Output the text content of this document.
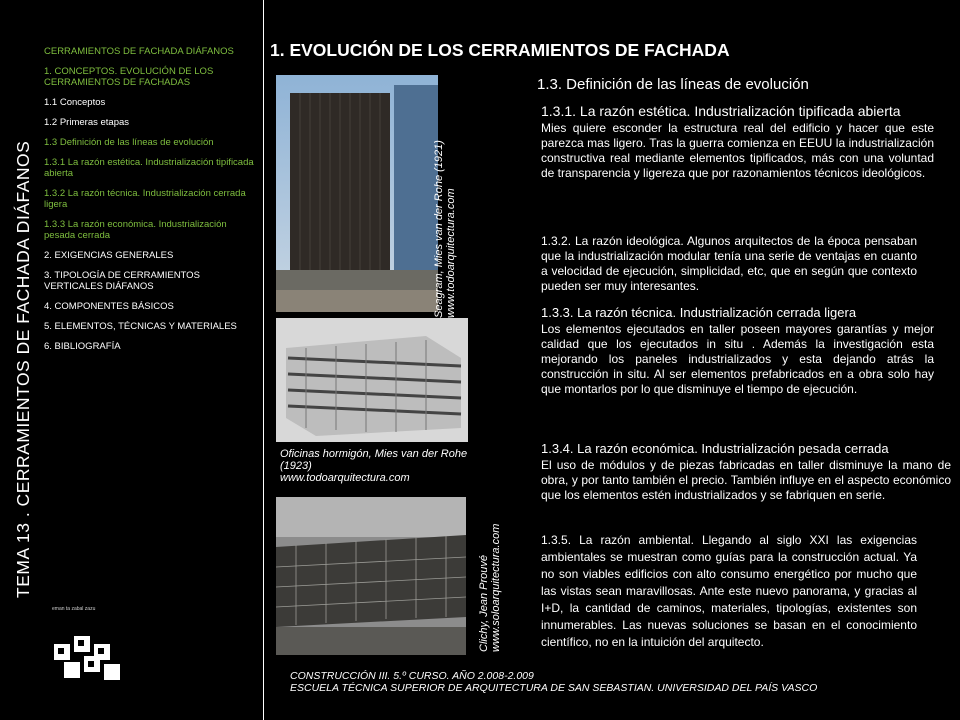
TEMA 13 . CERRAMIENTOS DE FACHADA DIÁFANOS
CERRAMIENTOS DE FACHADA DIÁFANOS
1. CONCEPTOS. EVOLUCIÓN DE LOS CERRAMIENTOS DE FACHADAS
1.1 Conceptos
1.2 Primeras etapas
1.3 Definición de las líneas de evolución
1.3.1 La razón estética. Industrialización tipificada abierta
1.3.2 La razón técnica. Industrialización cerrada ligera
1.3.3 La razón económica. Industrialización pesada cerrada
2. EXIGENCIAS GENERALES
3. TIPOLOGÍA DE CERRAMIENTOS VERTICALES DIÁFANOS
4. COMPONENTES BÁSICOS
5. ELEMENTOS, TÉCNICAS Y MATERIALES
6. BIBLIOGRAFÍA
eman ta zabal zazu
1. EVOLUCIÓN DE LOS CERRAMIENTOS DE FACHADA
1.3. Definición de las líneas de evolución
Seagram, Mies van der Rohe (1921) www.todoarquitectura.com
Oficinas hormigón, Mies van der Rohe (1923)
www.todoarquitectura.com
Clichy, Jean Prouvé www.soloarquitectura.com
1.3.1. La razón estética. Industrialización tipificada abierta
Mies quiere esconder la estructura real del edificio y hacer que este parezca mas ligero. Tras la guerra comienza en EEUU la industrialización constructiva real mediante elementos tipificados, más con una voluntad de transparencia y ligereza que por razonamientos técnicos ideológicos.
1.3.2. La razón ideológica. Algunos arquitectos de la época pensaban que la industrialización modular tenía una serie de ventajas en cuanto a velocidad de ejecución, simplicidad, etc, que en según que contexto pueden ser muy interesantes.
1.3.3. La razón técnica. Industrialización cerrada ligera
Los elementos ejecutados en taller poseen mayores garantías y mejor calidad que los ejecutados in situ . Además la investigación esta mejorando los paneles industrializados y esta dejando atrás la construcción in situ. Al ser elementos prefabricados en a obra solo hay que montarlos por lo que disminuye el tiempo de ejecución.
1.3.4. La razón económica. Industrialización pesada cerrada
El uso de módulos y de piezas fabricadas en taller disminuye la mano de obra, y por tanto también el precio. También influye en el aspecto económico que los elementos estén industrializados y se fabriquen en serie.
1.3.5. La razón ambiental. Llegando al siglo XXI las exigencias ambientales se muestran como guías para la construcción actual. Ya no son viables edificios con alto consumo energético por mucho que las vistas sean maravillosas. Ante este nuevo panorama, y gracias al I+D, la cantidad de caminos, materiales, tipologías, existentes son innumerables. Las nuevas soluciones se basan en el conocimiento científico, no en la intuición del arquitecto.
CONSTRUCCIÓN III. 5.º CURSO. AÑO 2.008-2.009
ESCUELA TÉCNICA SUPERIOR DE ARQUITECTURA DE SAN SEBASTIAN. UNIVERSIDAD DEL PAÍS VASCO
